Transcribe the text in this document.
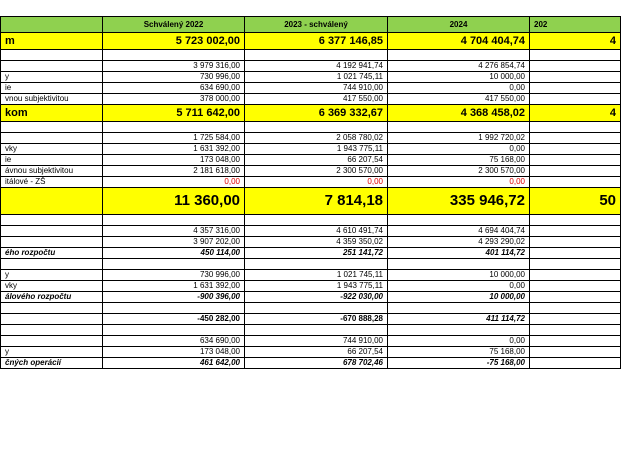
	Schválený 2022	2023 - schválený	2024	202
m	5 723 002,00	6 377 146,85	4 704 404,74	4

	3 979 316,00	4 192 941,74	4 276 854,74	
y	730 996,00	1 021 745,11	10 000,00	
ie	634 690,00	744 910,00	0,00	
vnou subjektivitou	378 000,00	417 550,00	417 550,00	
kom	5 711 642,00	6 369 332,67	4 368 458,02	4

	1 725 584,00	2 058 780,02	1 992 720,02	
vky	1 631 392,00	1 943 775,11	0,00	
ie	173 048,00	66 207,54	75 168,00	
ávnou subjektivitou	2 181 618,00	2 300 570,00	2 300 570,00	
itálové - ZŠ	0,00	0,00	0,00	
	11 360,00	7 814,18	335 946,72	50

	4 357 316,00	4 610 491,74	4 694 404,74	
	3 907 202,00	4 359 350,02	4 293 290,02	
ého rozpočtu	450 114,00	251 141,72	401 114,72	

y	730 996,00	1 021 745,11	10 000,00	
vky	1 631 392,00	1 943 775,11	0,00	
álového rozpočtu	-900 396,00	-922 030,00	10 000,00	

	-450 282,00	-670 888,28	411 114,72	

	634 690,00	744 910,00	0,00	
y	173 048,00	66 207,54	75 168,00	
čných operácií	461 642,00	678 702,46	-75 168,00	
